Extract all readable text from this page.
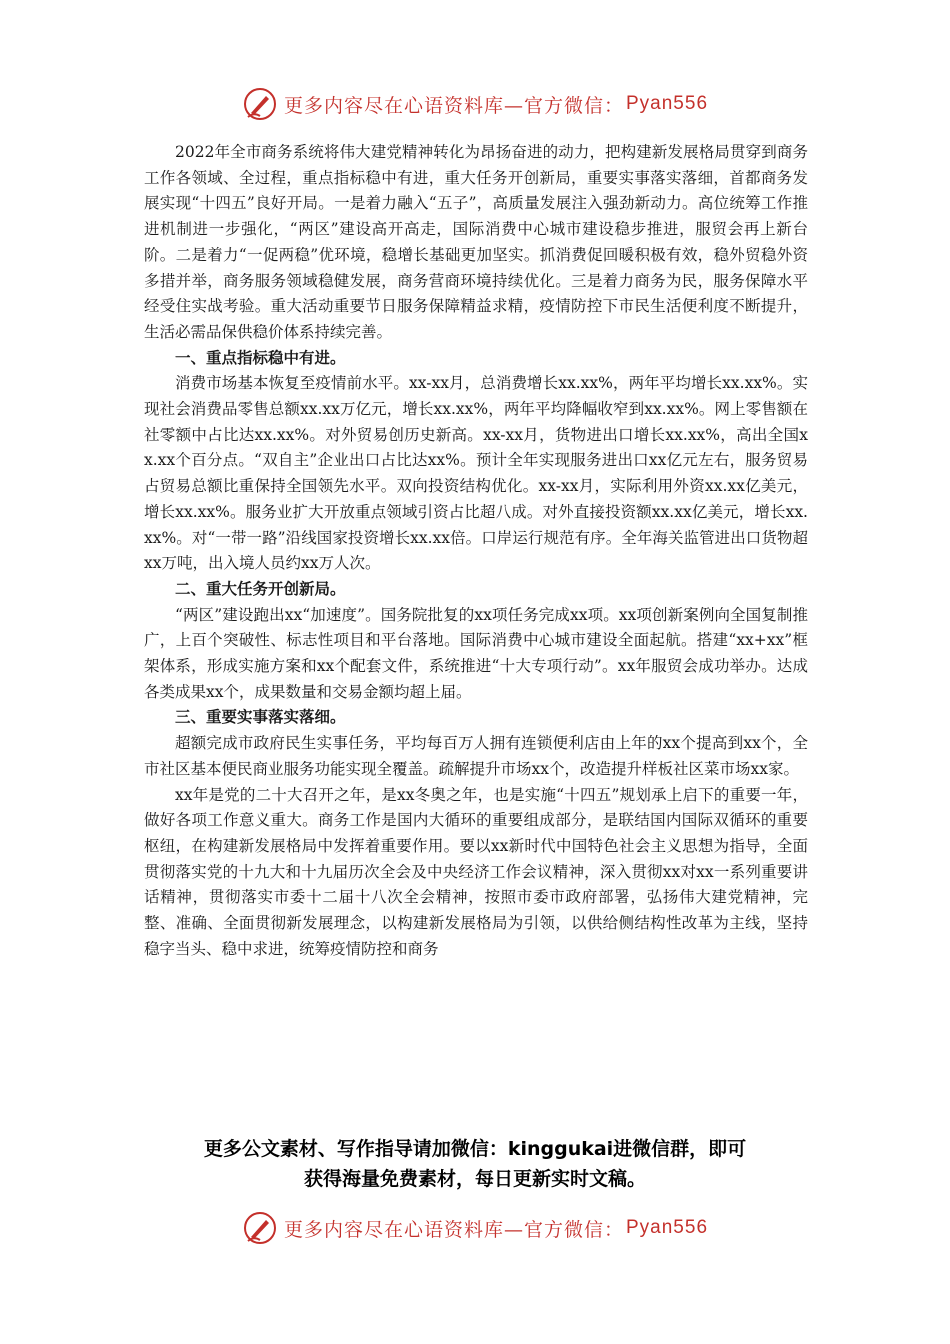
更多内容尽在心语资料库—官方微信： Pyan556

2022年全市商务系统将伟大建党精神转化为昂扬奋进的动力，把构建新发展格局贯穿到商务工作各领域、全过程，重点指标稳中有进，重大任务开创新局，重要实事落实落细，首都商务发展实现“十四五”良好开局。一是着力融入“五子”，高质量发展注入强劲新动力。高位统筹工作推进机制进一步强化，“两区”建设高开高走，国际消费中心城市建设稳步推进，服贸会再上新台阶。二是着力“一促两稳”优环境，稳增长基础更加坚实。抓消费促回暖积极有效，稳外贸稳外资多措并举，商务服务领域稳健发展，商务营商环境持续优化。三是着力商务为民，服务保障水平经受住实战考验。重大活动重要节日服务保障精益求精，疫情防控下市民生活便利度不断提升，生活必需品保供稳价体系持续完善。

一、重点指标稳中有进。

消费市场基本恢复至疫情前水平。xx-xx月，总消费增长xx.xx%，两年平均增长xx.xx%。实现社会消费品零售总额xx.xx万亿元，增长xx.xx%，两年平均降幅收窄到xx.xx%。网上零售额在社零额中占比达xx.xx%。对外贸易创历史新高。xx-xx月，货物进出口增长xx.xx%，高出全国xx.xx个百分点。“双自主”企业出口占比达xx%。预计全年实现服务进出口xx亿元左右，服务贸易占贸易总额比重保持全国领先水平。双向投资结构优化。xx-xx月，实际利用外资xx.xx亿美元，增长xx.xx%。服务业扩大开放重点领域引资占比超八成。对外直接投资额xx.xx亿美元，增长xx.xx%。对“一带一路”沿线国家投资增长xx.xx倍。口岸运行规范有序。全年海关监管进出口货物超xx万吨，出入境人员约xx万人次。

二、重大任务开创新局。

“两区”建设跑出xx“加速度”。国务院批复的xx项任务完成xx项。xx项创新案例向全国复制推广，上百个突破性、标志性项目和平台落地。国际消费中心城市建设全面起航。搭建“xx+xx”框架体系，形成实施方案和xx个配套文件，系统推进“十大专项行动”。xx年服贸会成功举办。达成各类成果xx个，成果数量和交易金额均超上届。

三、重要实事落实落细。

超额完成市政府民生实事任务，平均每百万人拥有连锁便利店由上年的xx个提高到xx个，全市社区基本便民商业服务功能实现全覆盖。疏解提升市场xx个，改造提升样板社区菜市场xx家。

xx年是党的二十大召开之年，是xx冬奥之年，也是实施“十四五”规划承上启下的重要一年，做好各项工作意义重大。商务工作是国内大循环的重要组成部分，是联结国内国际双循环的重要枢纽，在构建新发展格局中发挥着重要作用。要以xx新时代中国特色社会主义思想为指导，全面贯彻落实党的十九大和十九届历次全会及中央经济工作会议精神，深入贯彻xx对xx一系列重要讲话精神，贯彻落实市委十二届十八次全会精神，按照市委市政府部署，弘扬伟大建党精神，完整、准确、全面贯彻新发展理念，以构建新发展格局为引领，以供给侧结构性改革为主线，坚持稳字当头、稳中求进，统筹疫情防控和商务

更多公文素材、写作指导请加微信：kinggukai进微信群，即可
获得海量免费素材，每日更新实时文稿。
更多内容尽在心语资料库—官方微信： Pyan556
